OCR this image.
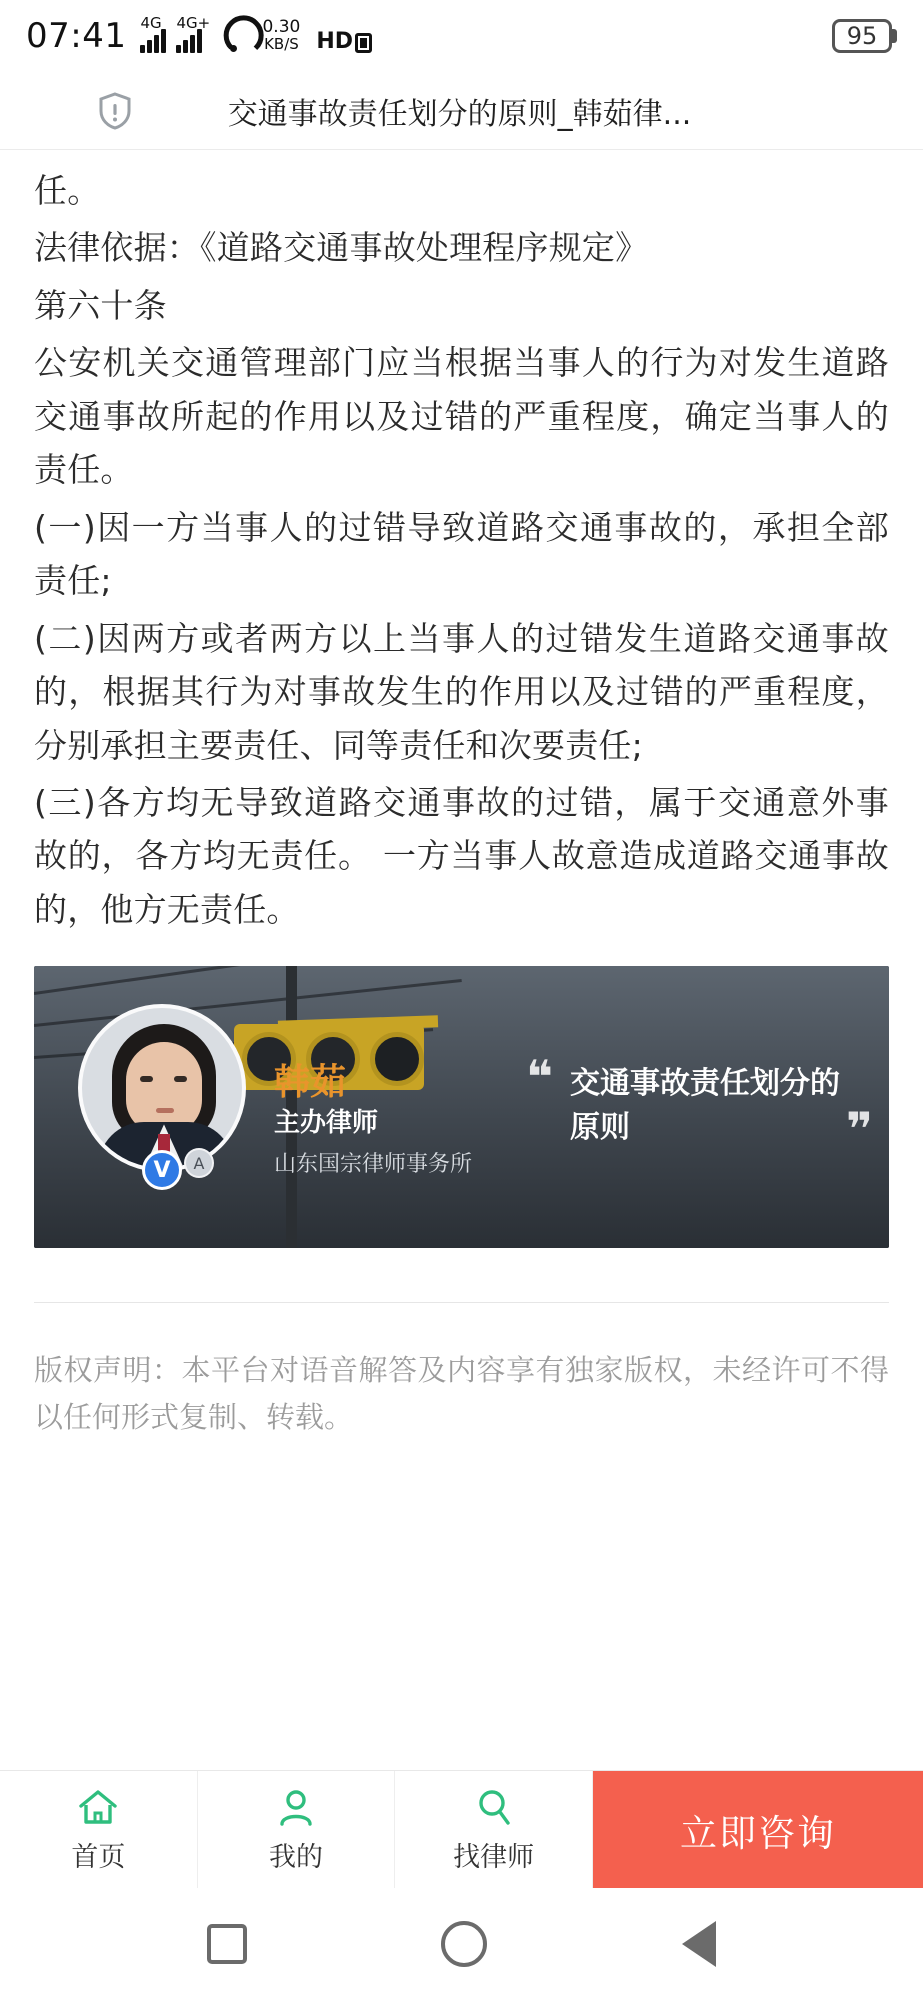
07:41 4G 4G+	0.30
KB/S HD	95
交通事故责任划分的原则_韩茹律...

任。

法律依据：《道路交通事故处理程序规定》

第六十条

公安机关交通管理部门应当根据当事人的行为对发生道路交通事故所起的作用以及过错的严重程度，确定当事人的责任。

(一)因一方当事人的过错导致道路交通事故的，承担全部责任;

(二)因两方或者两方以上当事人的过错发生道路交通事故的，根据其行为对事故发生的作用以及过错的严重程度，分别承担主要责任、同等责任和次要责任;

(三)各方均无导致道路交通事故的过错，属于交通意外事故的，各方均无责任。 一方当事人故意造成道路交通事故的，他方无责任。

A
V
韩茹
主办律师
山东国宗律师事务所
❝ 交通事故责任划分的原则	❞
版权声明：本平台对语音解答及内容享有独家版权，未经许可不得以任何形式复制、转载。
首页	我的	找律师
立即咨询
